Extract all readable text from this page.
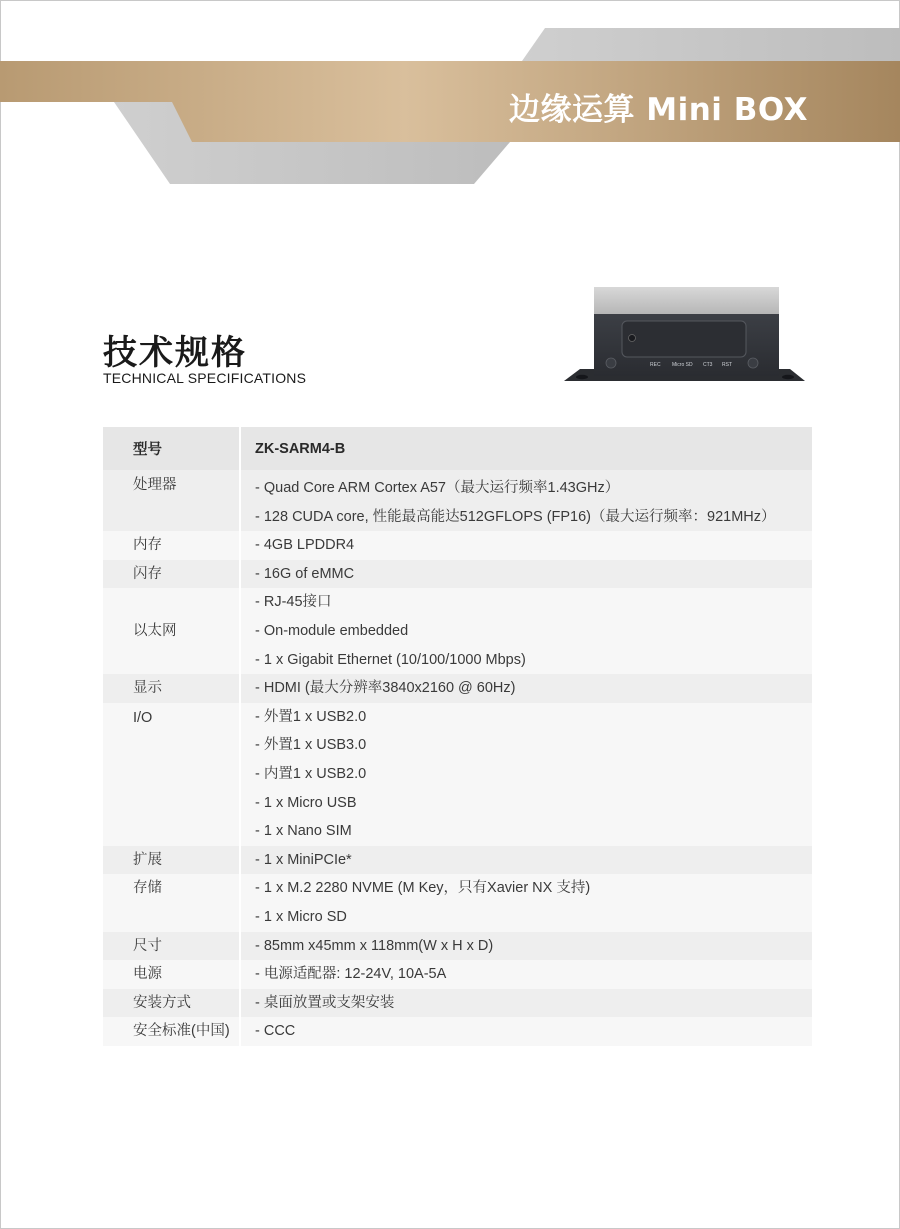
边缘运算 Mini BOX
技术规格
TECHNICAL SPECIFICATIONS
REC Micro SD CT3 RST
型号	ZK-SARM4-B

处理器	- Quad Core ARM Cortex A57（最大运行频率1.43GHz）
- 128 CUDA core, 性能最高能达512GFLOPS (FP16)（最大运行频率：921MHz）

内存	- 4GB LPDDR4

闪存	- 16G of eMMC

以太网	- RJ-45接口
- On-module embedded
- 1 x Gigabit Ethernet (10/100/1000 Mbps)

显示	- HDMI (最大分辨率3840x2160 @ 60Hz)

I/O	- 外置1 x USB2.0
- 外置1 x USB3.0
- 内置1 x USB2.0
- 1 x Micro USB
- 1 x Nano SIM

扩展	- 1 x MiniPCIe*

存储	- 1 x M.2 2280 NVME (M Key，只有Xavier NX 支持)
- 1 x Micro SD

尺寸	- 85mm x45mm x 118mm(W x H x D)

电源	- 电源适配器: 12-24V, 10A-5A

安装方式	- 桌面放置或支架安装

安全标准(中国)	- CCC
